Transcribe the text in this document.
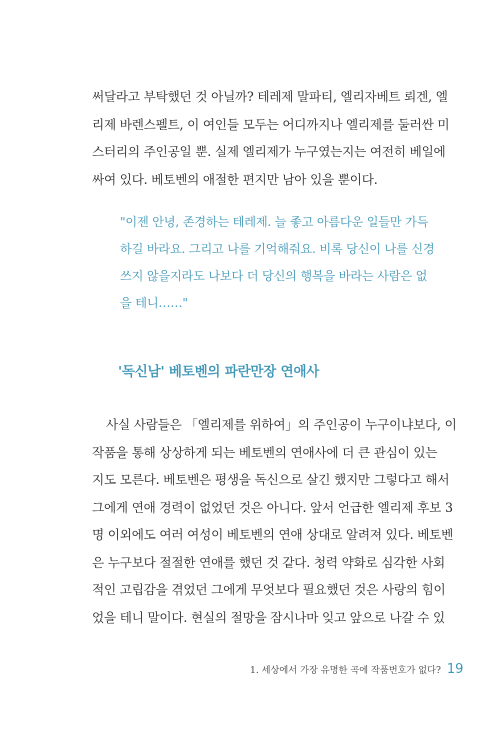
써달라고 부탁했던 것 아닐까? 테레제 말파티, 엘리자베트 뢰겐, 엘
리제 바렌스펠트, 이 여인들 모두는 어디까지나 엘리제를 둘러싼 미
스터리의 주인공일 뿐. 실제 엘리제가 누구였는지는 여전히 베일에
싸여 있다. 베토벤의 애절한 편지만 남아 있을 뿐이다.

"이젠 안녕, 존경하는 테레제. 늘 좋고 아름다운 일들만 가득
하길 바라요. 그리고 나를 기억해줘요. 비록 당신이 나를 신경
쓰지 않을지라도 나보다 더 당신의 행복을 바라는 사람은 없
을 테니……"

'독신남' 베토벤의 파란만장 연애사

사실 사람들은 「엘리제를 위하여」의 주인공이 누구이냐보다, 이
작품을 통해 상상하게 되는 베토벤의 연애사에 더 큰 관심이 있는
지도 모른다. 베토벤은 평생을 독신으로 살긴 했지만 그렇다고 해서
그에게 연애 경력이 없었던 것은 아니다. 앞서 언급한 엘리제 후보 3
명 이외에도 여러 여성이 베토벤의 연애 상대로 알려져 있다. 베토벤
은 누구보다 절절한 연애를 했던 것 같다. 청력 약화로 심각한 사회
적인 고립감을 겪었던 그에게 무엇보다 필요했던 것은 사랑의 힘이
었을 테니 말이다. 현실의 절망을 잠시나마 잊고 앞으로 나갈 수 있

1. 세상에서 가장 유명한 곡에 작품번호가 없다? 19
